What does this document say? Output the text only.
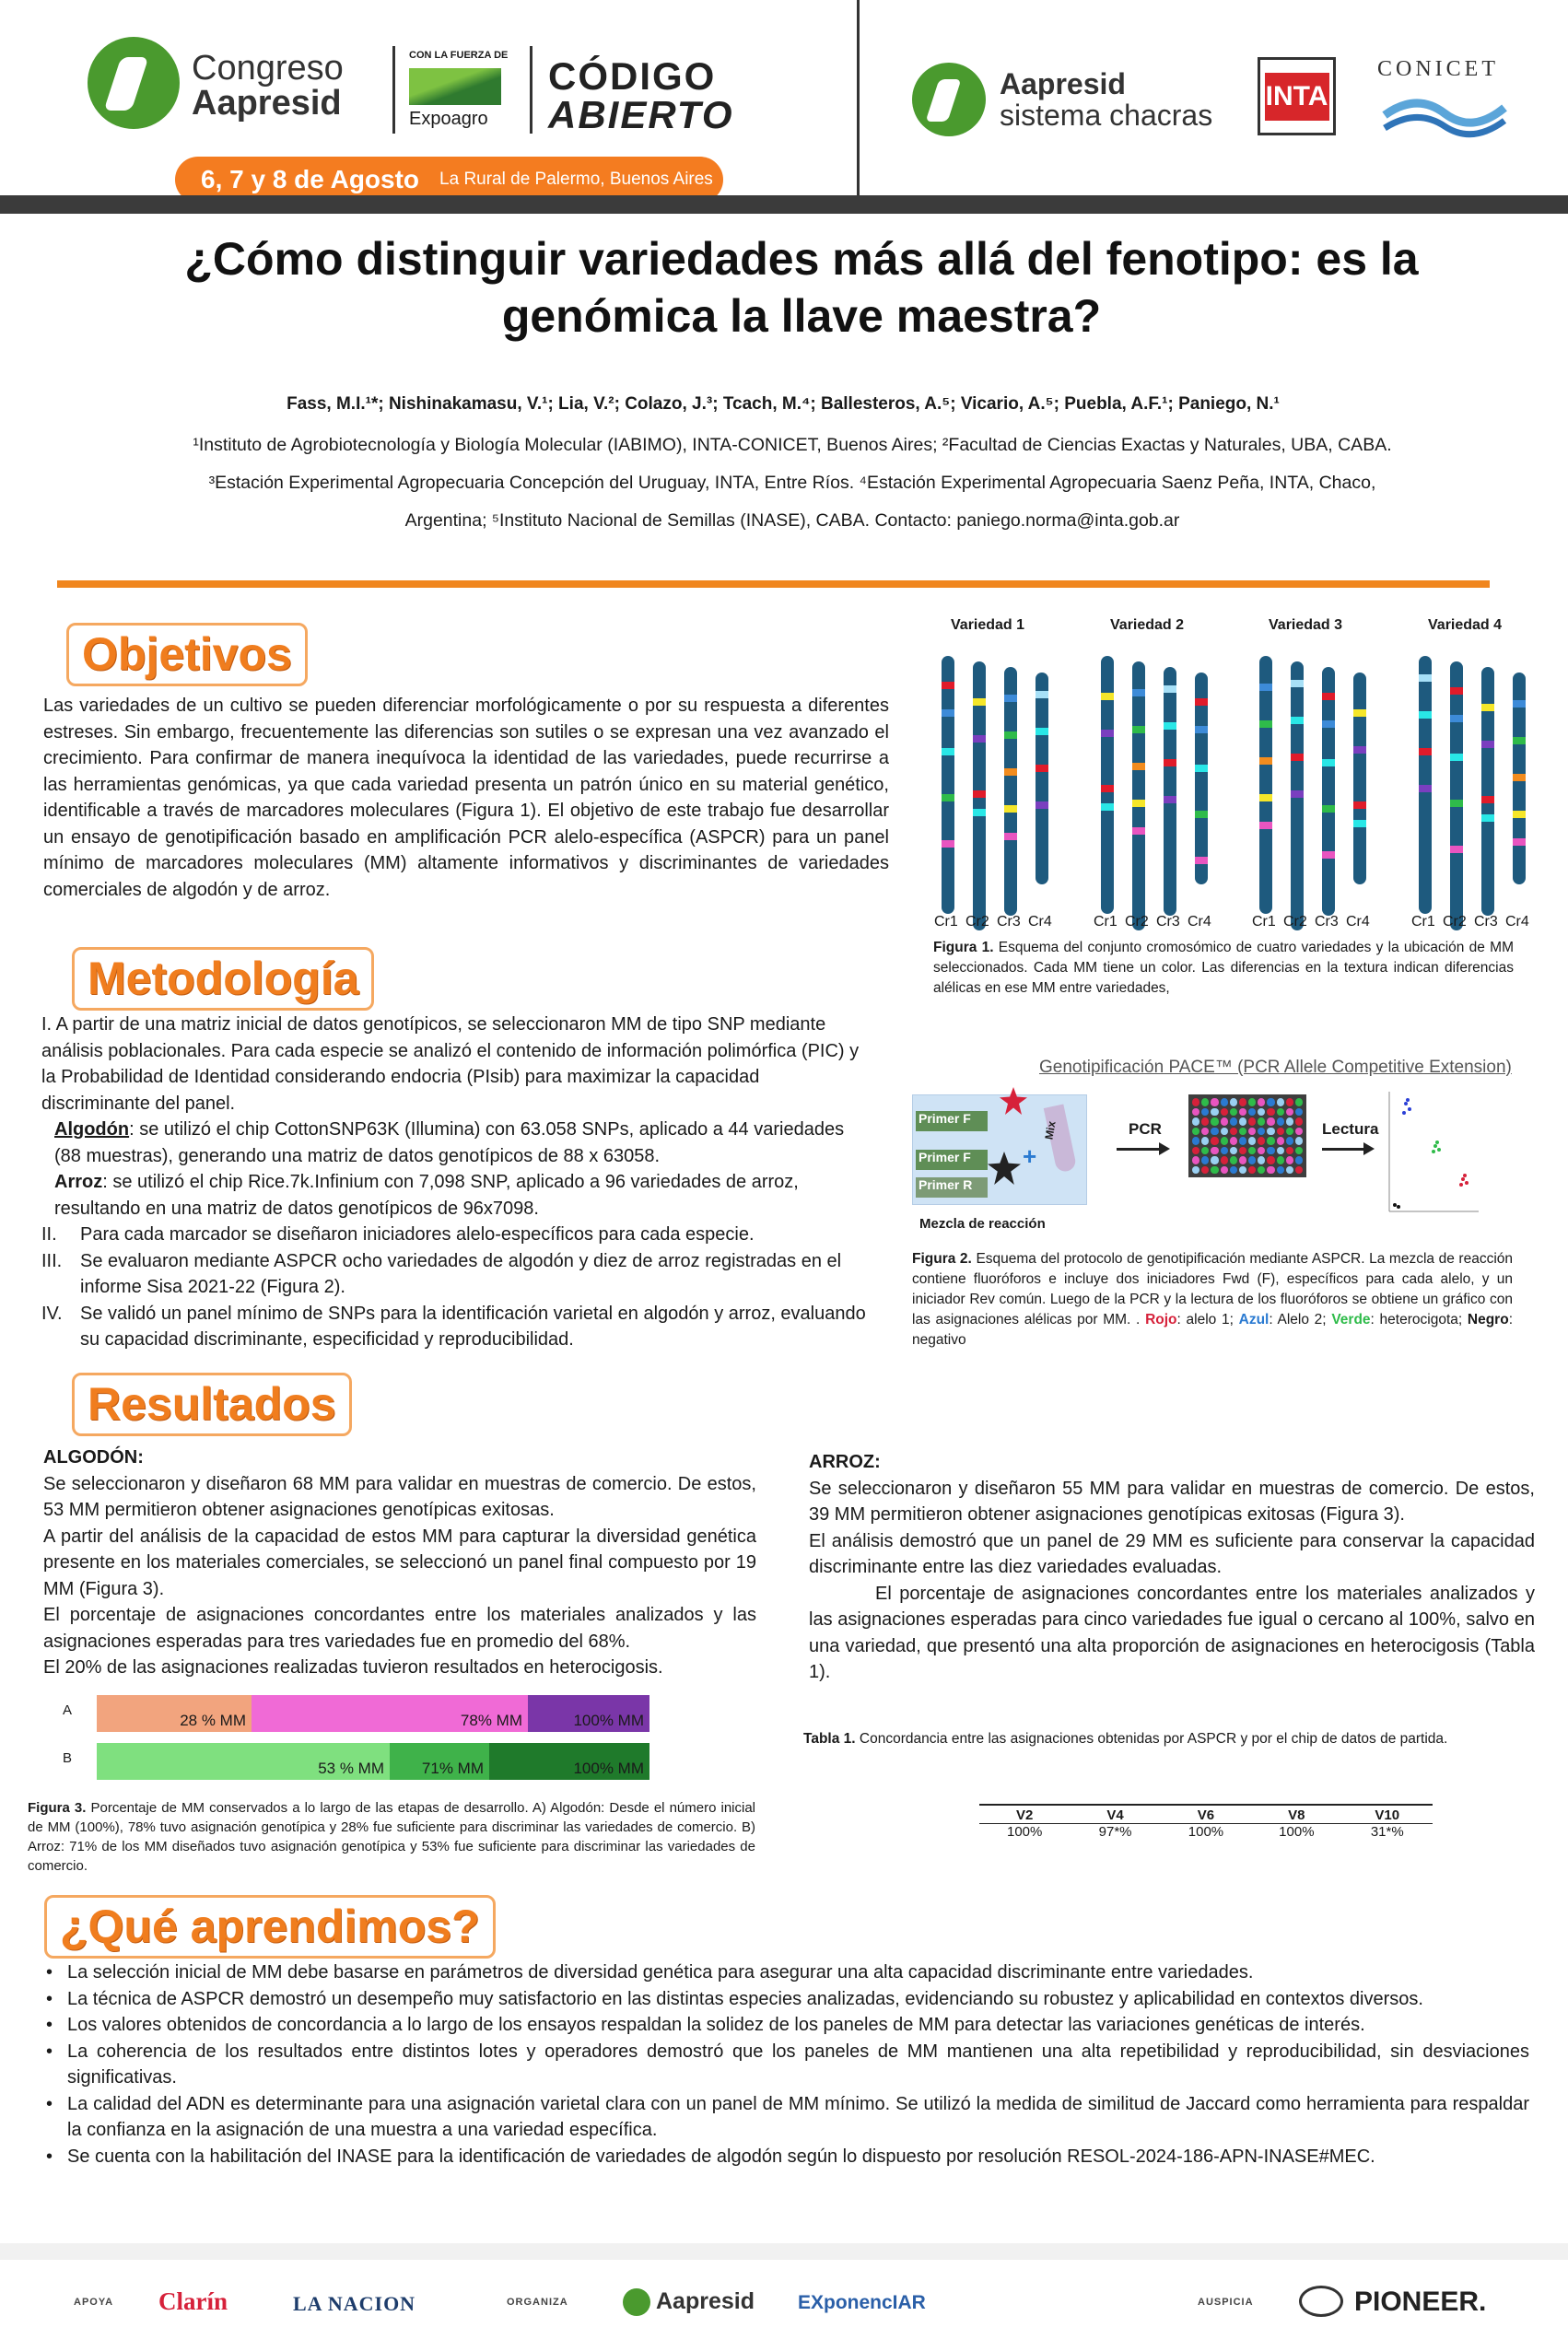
Congreso
Aapresid
CON LA FUERZA DE
Expoagro
CÓDIGO
ABIERTO
6, 7 y 8 de Agosto La Rural de Palermo, Buenos Aires
Aapresid
sistema chacras
INTA
CONICET
¿Cómo distinguir variedades más allá del fenotipo: es la
genómica la llave maestra?
Fass, M.I.¹*; Nishinakamasu, V.¹; Lia, V.²; Colazo, J.³; Tcach, M.⁴; Ballesteros, A.⁵; Vicario, A.⁵; Puebla, A.F.¹; Paniego, N.¹
¹Instituto de Agrobiotecnología y Biología Molecular (IABIMO), INTA-CONICET, Buenos Aires; ²Facultad de Ciencias Exactas y Naturales, UBA, CABA.
³Estación Experimental Agropecuaria Concepción del Uruguay, INTA, Entre Ríos. ⁴Estación Experimental Agropecuaria Saenz Peña, INTA, Chaco,
Argentina; ⁵Instituto Nacional de Semillas (INASE), CABA. Contacto: paniego.norma@inta.gob.ar
Objetivos
Las variedades de un cultivo se pueden diferenciar morfológicamente o por su respuesta a diferentes estreses. Sin embargo, frecuentemente las diferencias son sutiles o se expresan una vez avanzado el crecimiento. Para confirmar de manera inequívoca la identidad de las variedades, puede recurrirse a las herramientas genómicas, ya que cada variedad presenta un patrón único en su material genético, identificable a través de marcadores moleculares (Figura 1). El objetivo de este trabajo fue desarrollar un ensayo de genotipificación basado en amplificación PCR alelo-específica (ASPCR) para un panel mínimo de marcadores moleculares (MM) altamente informativos y discriminantes de variedades comerciales de algodón y de arroz.
Metodología
I. A partir de una matriz inicial de datos genotípicos, se seleccionaron MM de tipo SNP mediante análisis poblacionales. Para cada especie se analizó el contenido de información polimórfica (PIC) y la Probabilidad de Identidad considerando endocria (PIsib) para maximizar la capacidad discriminante del panel.
Algodón: se utilizó el chip CottonSNP63K (Illumina) con 63.058 SNPs, aplicado a 44 variedades (88 muestras), generando una matriz de datos genotípicos de 88 x 63058.
Arroz: se utilizó el chip Rice.7k.Infinium con 7,098 SNP, aplicado a 96 variedades de arroz, resultando en una matriz de datos genotípicos de 96x7098.
II.	Para cada marcador se diseñaron iniciadores alelo-específicos para cada especie.
III. Se evaluaron mediante ASPCR ocho variedades de algodón y diez de arroz registradas en el informe Sisa 2021-22 (Figura 2).
IV. Se validó un panel mínimo de SNPs para la identificación varietal en algodón y arroz, evaluando su capacidad discriminante, especificidad y reproducibilidad.
Variedad 1
Cr1 Cr2 Cr3 Cr4
Variedad 2
Cr1 Cr2 Cr3 Cr4
Variedad 3
Cr1 Cr2 Cr3 Cr4
Variedad 4
Cr1 Cr2 Cr3 Cr4
Figura 1. Esquema del conjunto cromosómico de cuatro variedades y la ubicación de MM seleccionados. Cada MM tiene un color. Las diferencias en la textura indican diferencias alélicas en ese MM entre variedades,
Genotipificación PACE™ (PCR Allele Competitive Extension)
Primer F
Primer F
Primer R
+
Mix
Mezcla de reacción
PCR	Lectura
Figura 2. Esquema del protocolo de genotipificación mediante ASPCR. La mezcla de reacción contiene fluoróforos e incluye dos iniciadores Fwd (F), específicos para cada alelo, y un iniciador Rev común. Luego de la PCR y la lectura de los fluoróforos se obtiene un gráfico con las asignaciones alélicas por MM. . Rojo: alelo 1; Azul: Alelo 2; Verde: heterocigota; Negro: negativo
Resultados
ALGODÓN:
Se seleccionaron y diseñaron 68 MM para validar en muestras de comercio. De estos, 53 MM permitieron obtener asignaciones genotípicas exitosas.
A partir del análisis de la capacidad de estos MM para capturar la diversidad genética presente en los materiales comerciales, se seleccionó un panel final compuesto por 19 MM (Figura 3).
El porcentaje de asignaciones concordantes entre los materiales analizados y las asignaciones esperadas para tres variedades fue en promedio del 68%.
El 20% de las asignaciones realizadas tuvieron resultados en heterocigosis.
ARROZ:
Se seleccionaron y diseñaron 55 MM para validar en muestras de comercio. De estos, 39 MM permitieron obtener asignaciones genotípicas exitosas (Figura 3).
El análisis demostró que un panel de 29 MM es suficiente para conservar la capacidad discriminante entre las diez variedades evaluadas.
El porcentaje de asignaciones concordantes entre los materiales analizados y las asignaciones esperadas para cinco variedades fue igual o cercano al 100%, salvo en una variedad, que presentó una alta proporción de asignaciones en heterocigosis (Tabla 1).
A
28 % MM	78% MM	100% MM
B
53 % MM	71% MM	100% MM
Figura 3. Porcentaje de MM conservados a lo largo de las etapas de desarrollo. A) Algodón: Desde el número inicial de MM (100%), 78% tuvo asignación genotípica y 28% fue suficiente para discriminar las variedades de comercio. B) Arroz: 71% de los MM diseñados tuvo asignación genotípica y 53% fue suficiente para discriminar las variedades de comercio.
Tabla 1. Concordancia entre las asignaciones obtenidas por ASPCR y por el chip de datos de partida.
V2	V4	V6	V8	V10
100%	97*%	100%	100%	31*%
¿Qué aprendimos?
• La selección inicial de MM debe basarse en parámetros de diversidad genética para asegurar una alta capacidad discriminante entre variedades.
• La técnica de ASPCR demostró un desempeño muy satisfactorio en las distintas especies analizadas, evidenciando su robustez y aplicabilidad en contextos diversos.
• Los valores obtenidos de concordancia a lo largo de los ensayos respaldan la solidez de los paneles de MM para detectar las variaciones genéticas de interés.
• La coherencia de los resultados entre distintos lotes y operadores demostró que los paneles de MM mantienen una alta repetibilidad y reproducibilidad, sin desviaciones significativas.
• La calidad del ADN es determinante para una asignación varietal clara con un panel de MM mínimo. Se utilizó la medida de similitud de Jaccard como herramienta para respaldar la confianza en la asignación de una muestra a una variedad específica.
• Se cuenta con la habilitación del INASE para la identificación de variedades de algodón según lo dispuesto por resolución RESOL-2024-186-APN-INASE#MEC.
APOYA Clarín	LA NACION	ORGANIZA	Aapresid EXponencIAR	AUSPICIA	PIONEER.
